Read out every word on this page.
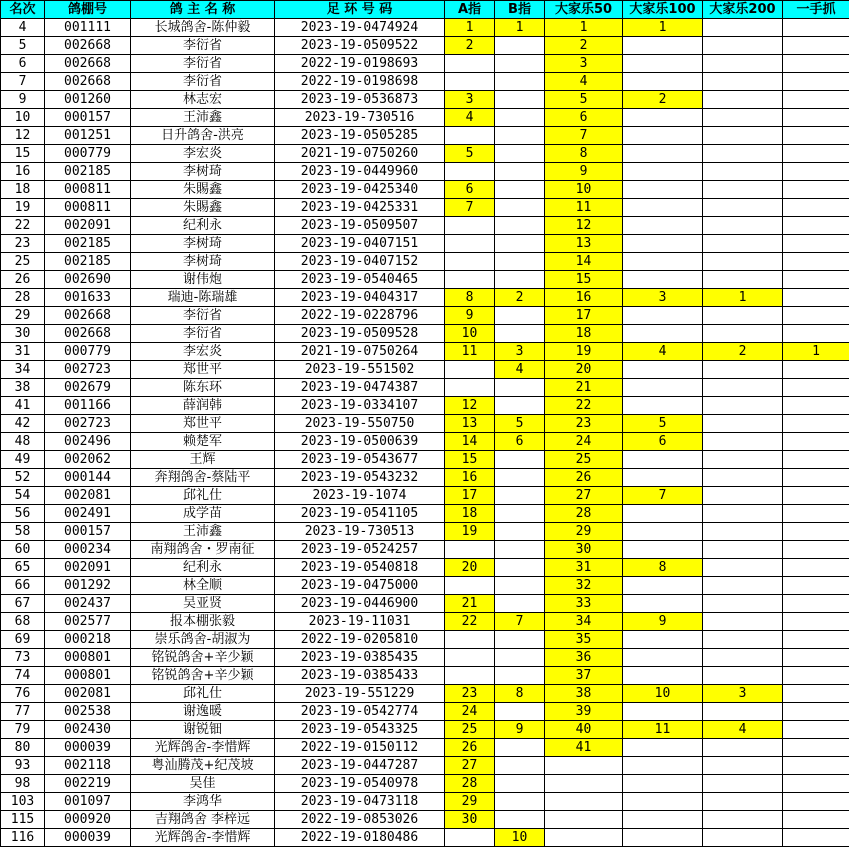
名次	鸽棚号	鸽 主 名 称	足 环 号 码	A指	B指	大家乐50	大家乐100	大家乐200	一手抓
4	001111	长城鸽舍-陈仲毅	2023-19-0474924	1	1	1	1		
5	002668	李衍省	2023-19-0509522	2		2			
6	002668	李衍省	2022-19-0198693			3			
7	002668	李衍省	2022-19-0198698			4			
9	001260	林志宏	2023-19-0536873	3		5	2		
10	000157	王沛鑫	2023-19-730516	4		6			
12	001251	日升鸽舍-洪亮	2023-19-0505285			7			
15	000779	李宏炎	2021-19-0750260	5		8			
16	002185	李树琦	2023-19-0449960			9			
18	000811	朱賜鑫	2023-19-0425340	6		10			
19	000811	朱賜鑫	2023-19-0425331	7		11			
22	002091	纪利永	2023-19-0509507			12			
23	002185	李树琦	2023-19-0407151			13			
25	002185	李树琦	2023-19-0407152			14			
26	002690	谢伟炮	2023-19-0540465			15			
28	001633	瑞迪-陈瑞雄	2023-19-0404317	8	2	16	3	1	
29	002668	李衍省	2022-19-0228796	9		17			
30	002668	李衍省	2023-19-0509528	10		18			
31	000779	李宏炎	2021-19-0750264	11	3	19	4	2	1
34	002723	郑世平	2023-19-551502		4	20			
38	002679	陈东环	2023-19-0474387			21			
41	001166	薛润韩	2023-19-0334107	12		22			
42	002723	郑世平	2023-19-550750	13	5	23	5		
48	002496	赖楚军	2023-19-0500639	14	6	24	6		
49	002062	王辉	2023-19-0543677	15		25			
52	000144	奔翔鸽舍-蔡陆平	2023-19-0543232	16		26			
54	002081	邱礼仕	2023-19-1074	17		27	7		
56	002491	成学苗	2023-19-0541105	18		28			
58	000157	王沛鑫	2023-19-730513	19		29			
60	000234	南翔鸽舍・罗南征	2023-19-0524257			30			
65	002091	纪利永	2023-19-0540818	20		31	8		
66	001292	林全顺	2023-19-0475000			32			
67	002437	吴亚贤	2023-19-0446900	21		33			
68	002577	报本棚张毅	2023-19-11031	22	7	34	9		
69	000218	崇乐鸽舍-胡淑为	2022-19-0205810			35			
73	000801	铭锐鸽舍+辛少颖	2023-19-0385435			36			
74	000801	铭锐鸽舍+辛少颖	2023-19-0385433			37			
76	002081	邱礼仕	2023-19-551229	23	8	38	10	3	
77	002538	谢逸暖	2023-19-0542774	24		39			
79	002430	谢锐钿	2023-19-0543325	25	9	40	11	4	
80	000039	光辉鸽舍-李惜辉	2022-19-0150112	26		41			
93	002118	粤汕腾茂+纪茂坡	2023-19-0447287	27					
98	002219	吴佳	2023-19-0540978	28					
103	001097	李鸿华	2023-19-0473118	29					
115	000920	吉翔鸽舍 李梓远	2022-19-0853026	30					
116	000039	光辉鸽舍-李惜辉	2022-19-0180486		10				
